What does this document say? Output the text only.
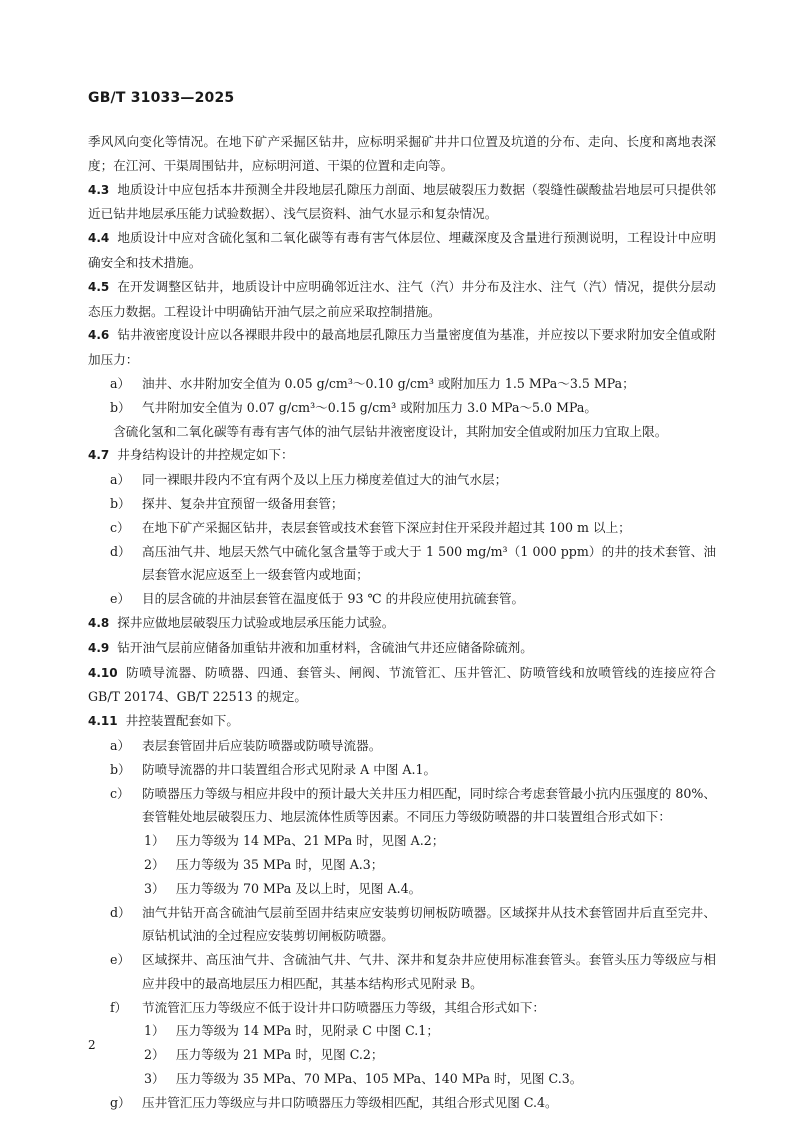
GB/T 31033—2025
季风风向变化等情况。在地下矿产采掘区钻井，应标明采掘矿井井口位置及坑道的分布、走向、长度和离地表深度；在江河、干渠周围钻井，应标明河道、干渠的位置和走向等。
4.3 地质设计中应包括本井预测全井段地层孔隙压力剖面、地层破裂压力数据（裂缝性碳酸盐岩地层可只提供邻近已钻井地层承压能力试验数据）、浅气层资料、油气水显示和复杂情况。
4.4 地质设计中应对含硫化氢和二氧化碳等有毒有害气体层位、埋藏深度及含量进行预测说明，工程设计中应明确安全和技术措施。
4.5 在开发调整区钻井，地质设计中应明确邻近注水、注气（汽）井分布及注水、注气（汽）情况，提供分层动态压力数据。工程设计中明确钻开油气层之前应采取控制措施。
4.6 钻井液密度设计应以各裸眼井段中的最高地层孔隙压力当量密度值为基准，并应按以下要求附加安全值或附加压力：
a） 油井、水井附加安全值为 0.05 g/cm³～0.10 g/cm³ 或附加压力 1.5 MPa～3.5 MPa；
b） 气井附加安全值为 0.07 g/cm³～0.15 g/cm³ 或附加压力 3.0 MPa～5.0 MPa。
含硫化氢和二氧化碳等有毒有害气体的油气层钻井液密度设计，其附加安全值或附加压力宜取上限。
4.7 井身结构设计的井控规定如下：
a） 同一裸眼井段内不宜有两个及以上压力梯度差值过大的油气水层；
b） 探井、复杂井宜预留一级备用套管；
c） 在地下矿产采掘区钻井，表层套管或技术套管下深应封住开采段并超过其 100 m 以上；
d） 高压油气井、地层天然气中硫化氢含量等于或大于 1 500 mg/m³（1 000 ppm）的井的技术套管、油层套管水泥应返至上一级套管内或地面；
e） 目的层含硫的井油层套管在温度低于 93 ℃ 的井段应使用抗硫套管。
4.8 探井应做地层破裂压力试验或地层承压能力试验。
4.9 钻开油气层前应储备加重钻井液和加重材料，含硫油气井还应储备除硫剂。
4.10 防喷导流器、防喷器、四通、套管头、闸阀、节流管汇、压井管汇、防喷管线和放喷管线的连接应符合 GB/T 20174、GB/T 22513 的规定。
4.11 井控装置配套如下。
a） 表层套管固井后应装防喷器或防喷导流器。
b） 防喷导流器的井口装置组合形式见附录 A 中图 A.1。
c） 防喷器压力等级与相应井段中的预计最大关井压力相匹配，同时综合考虑套管最小抗内压强度的 80%、套管鞋处地层破裂压力、地层流体性质等因素。不同压力等级防喷器的井口装置组合形式如下：
1） 压力等级为 14 MPa、21 MPa 时，见图 A.2；
2） 压力等级为 35 MPa 时，见图 A.3；
3） 压力等级为 70 MPa 及以上时，见图 A.4。
d） 油气井钻开高含硫油气层前至固井结束应安装剪切闸板防喷器。区域探井从技术套管固井后直至完井、原钻机试油的全过程应安装剪切闸板防喷器。
e） 区域探井、高压油气井、含硫油气井、气井、深井和复杂井应使用标准套管头。套管头压力等级应与相应井段中的最高地层压力相匹配，其基本结构形式见附录 B。
f）	节流管汇压力等级应不低于设计井口防喷器压力等级，其组合形式如下：
1） 压力等级为 14 MPa 时，见附录 C 中图 C.1；
2） 压力等级为 21 MPa 时，见图 C.2；
3） 压力等级为 35 MPa、70 MPa、105 MPa、140 MPa 时，见图 C.3。
g） 压井管汇压力等级应与井口防喷器压力等级相匹配，其组合形式见图 C.4。
2
